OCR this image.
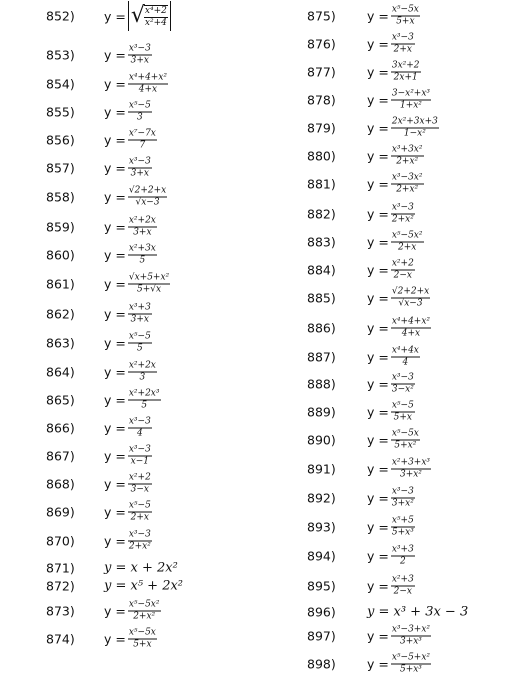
852) y = √ $\frac{\text{x⁴+2}}{\text{x²+4}}$
853) $y = \frac{\text{x³−3}}{3+x}$
854) $y = \frac{\text{x⁴+4+x²}}{4+x}$
855) $y = \frac{\text{x⁵−5}}{3}$
856) $y = \frac{\text{x⁷−7x}}{7}$
857) $y = \frac{\text{x³−3}}{3+x}$
858) $y = \frac{√2+2+x}{√x-3}$
859) $y = \frac{\text{x²+2x}}{3+x}$
860) $y = \frac{\text{x²+3x}}{5}$
861) $y = \frac{\text{√x+5+x²}}{5+√x}$
862) $y = \frac{\text{x³+3}}{3+x}$
863) $y = \frac{\text{x⁵−5}}{5}$
864) $y = \frac{\text{x²+2x}}{3}$
865) $y = \frac{\text{x²+2x³}}{5}$
866) $y = \frac{\text{x³−3}}{4}$
867) $y = \frac{\text{x³−3}}{x-1}$
868) $y = \frac{\text{x²+2}}{3-x}$
869) $y = \frac{\text{x⁵−5}}{2+x}$
870) $y = \frac{\text{x³−3}}{\text{2+x²}}$
871) y = x + 2x²
872) y = x⁵ + 2x²
873) $y = \frac{\text{x⁵−5x²}}{\text{2+x²}}$
874) $y = \frac{\text{x⁵−5x}}{5+x}$
875)	$y = \frac{\text{x⁵−5x}}{5+x}$
876)	$y = \frac{\text{x³−3}}{2+x}$
877)	$y = \frac{\text{3x²+2}}{2x+1}$
878)	$y = \frac{\text{3−x²+x³}}{\text{1+x²}}$
879)	$y = \frac{\text{2x²+3x+3}}{\text{1−x²}}$
880)	$y = \frac{\text{x³+3x²}}{\text{2+x²}}$
881)	$y = \frac{\text{x³−3x²}}{\text{2+x²}}$
882)	$y = \frac{\text{x³−3}}{\text{2+x²}}$
883)	$y = \frac{\text{x⁵−5x²}}{2+x}$
884)	$y = \frac{\text{x²+2}}{2-x}$
885)	$y = \frac{√2+2+x}{√x-3}$
886)	$y = \frac{\text{x⁴+4+x²}}{4+x}$
887)	$y = \frac{\text{x⁴+4x}}{4}$
888)	$y = \frac{\text{x³−3}}{\text{3−x²}}$
889)	$y = \frac{\text{x⁵−5}}{5+x}$
890)	$y = \frac{\text{x⁵−5x}}{\text{5+x²}}$
891)	$y = \frac{\text{x²+3+x³}}{\text{3+x²}}$
892)	$y = \frac{\text{x³−3}}{\text{3+x²}}$
893)	$y = \frac{\text{x⁵+5}}{\text{5+x³}}$
894)	$y = \frac{\text{x³+3}}{2}$
895)	$y = \frac{\text{x²+3}}{2-x}$
896) y = x³ + 3x − 3
897)	$y = \frac{\text{x³−3+x²}}{\text{3+x³}}$
898)	$y = \frac{\text{x⁵−5+x²}}{\text{5+x³}}$
